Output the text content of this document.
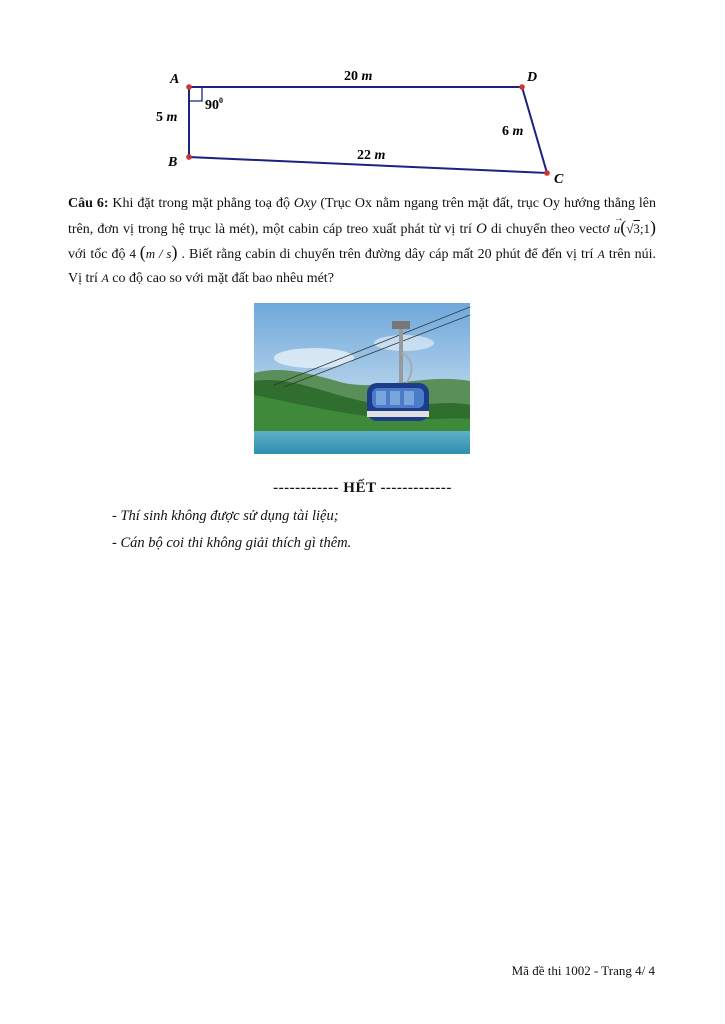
A	D
B
C
20 m
5 m
6 m
22 m
$90^0$
Câu 6: Khi đặt trong mặt phẳng toạ độ Oxy (Trục Ox nằm ngang trên mặt đất, trục Oy hướng thẳng lên trên, đơn vị trong hệ trục là mét), một cabin cáp treo xuất phát từ vị trí O di chuyển theo vectơ
→
u(√3;1) với tốc độ 4 (m / s) . Biết rằng cabin di chuyển trên đường dây cáp mất 20 phút để đến vị trí A trên núi. Vị trí A co độ cao so với mặt đất bao nhêu mét?
------------ HẾT -------------
- Thí sinh không được sử dụng tài liệu;
- Cán bộ coi thi không giải thích gì thêm.
Mã đề thi 1002 - Trang 4/ 4
